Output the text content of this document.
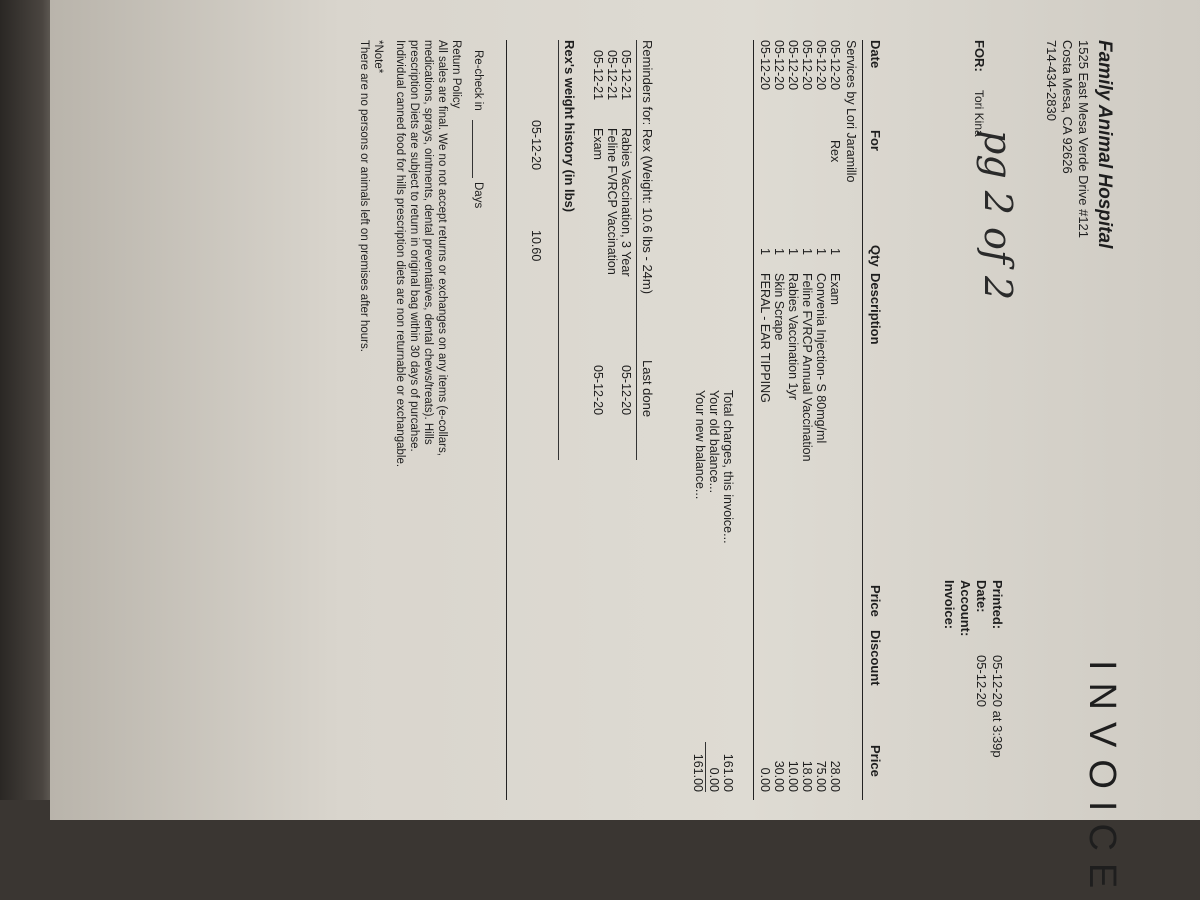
Family Animal Hospital
1525 East Mesa Verde Drive #121
Costa Mesa, CA 92626
714-434-2830
INVOICE
pg 2 of 2
FOR:
Tori Kina
Printed:
05-12-20 at 3:39p
Date:
05-12-20
Account:
Invoice:
Date
For
Qty
Description
Price
Discount
Price
Services by Lori Jaramillo
05-12-20
Rex
1
Exam
28.00
05-12-20
1
Convenia Injection- S 80mg/ml
75.00
05-12-20
1
Feline FVRCP Annual Vaccination
18.00
05-12-20
1
Rabies Vaccination 1yr
10.00
05-12-20
1
Skin Scrape
30.00
05-12-20
1
FERAL - EAR TIPPING
0.00
Total charges, this invoice...
161.00
Your old balance...
0.00
Your new balance...
161.00
Reminders for: Rex (Weight: 10.6 lbs - 24m)
Last done
05-12-21
Rabies Vaccination, 3 Year
05-12-20
05-12-21
Feline FVRCP Vaccination
05-12-21
Exam
05-12-20
Rex's weight history (in lbs)
05-12-20
10.60
Re-check in
Days
Return Policy
All sales are final. We no not accept returns or exchanges on any items (e-collars,
medications, sprays, ointments, dental preventatives, dental chews/treats). Hills
prescription Diets are subject to return in original bag within 30 days of purcahse.
Individual canned food for hills prescription diets are non returnable or exchangable.
*Note*
There are no persons or animals left on premises after hours.
